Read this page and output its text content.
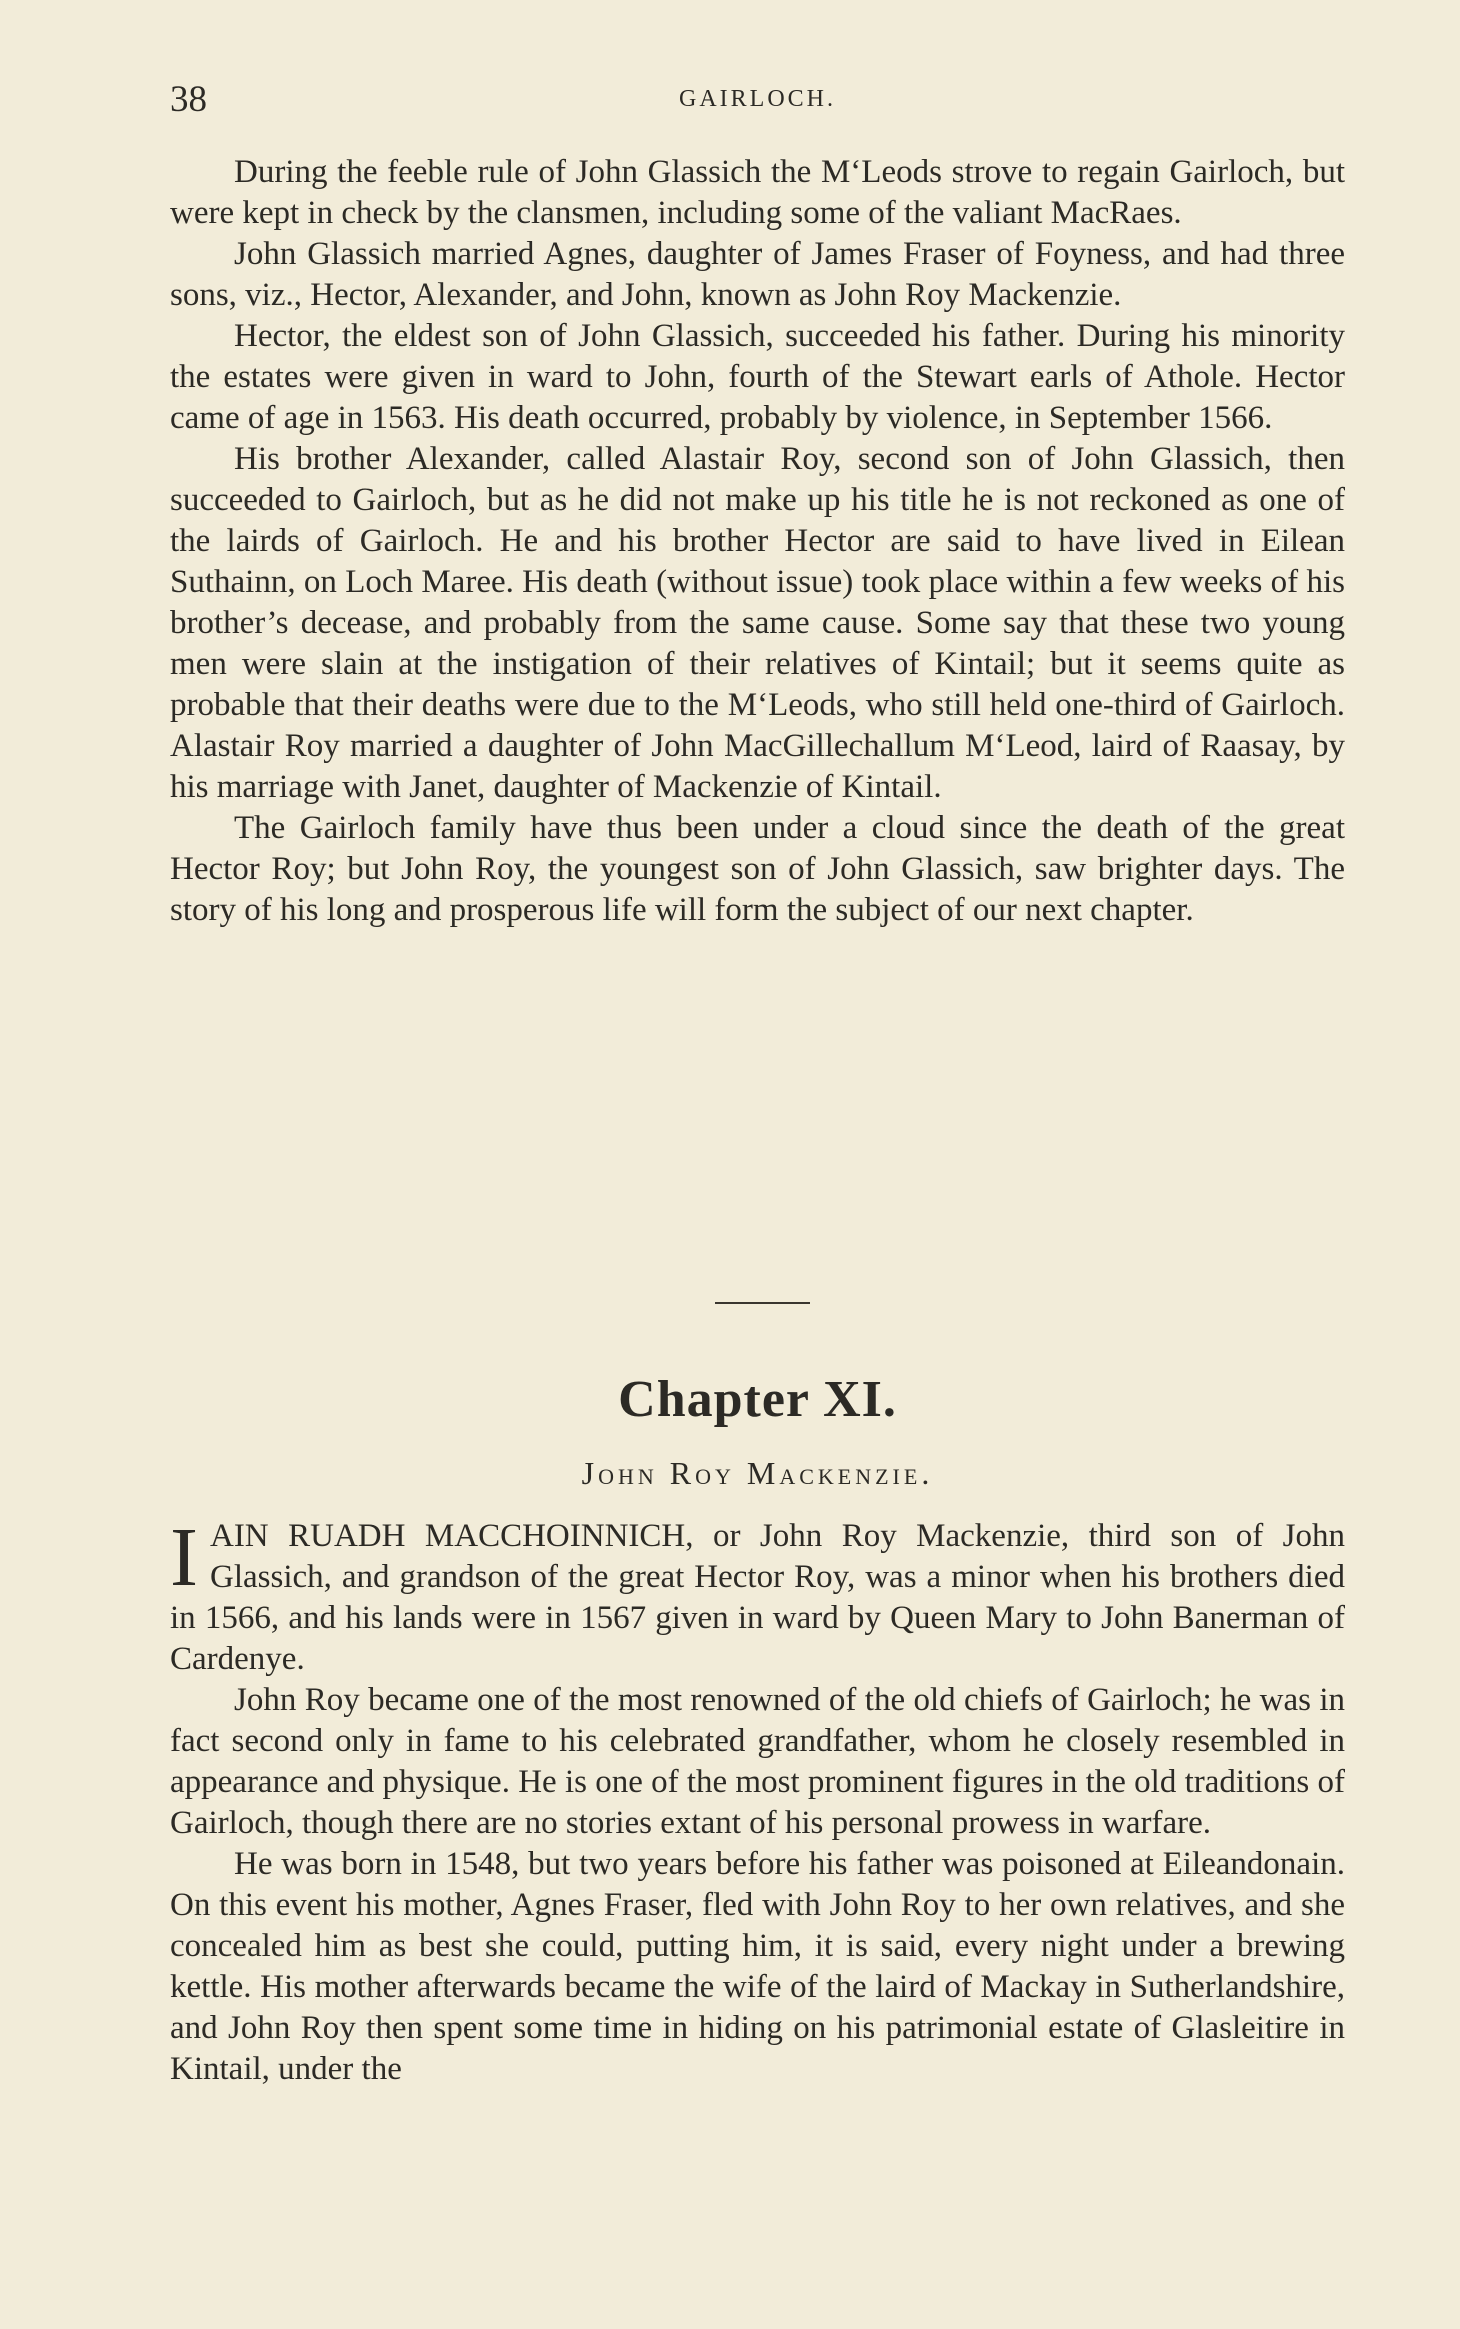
38	GAIRLOCH.

During the feeble rule of John Glassich the M‘Leods strove to regain Gairloch, but were kept in check by the clansmen, including some of the valiant MacRaes.

John Glassich married Agnes, daughter of James Fraser of Foyness, and had three sons, viz., Hector, Alexander, and John, known as John Roy Mackenzie.

Hector, the eldest son of John Glassich, succeeded his father. During his minority the estates were given in ward to John, fourth of the Stewart earls of Athole. Hector came of age in 1563. His death occurred, probably by violence, in September 1566.

His brother Alexander, called Alastair Roy, second son of John Glassich, then succeeded to Gairloch, but as he did not make up his title he is not reckoned as one of the lairds of Gairloch. He and his brother Hector are said to have lived in Eilean Suthainn, on Loch Maree. His death (without issue) took place within a few weeks of his brother’s decease, and probably from the same cause. Some say that these two young men were slain at the instigation of their relatives of Kintail; but it seems quite as probable that their deaths were due to the M‘Leods, who still held one-third of Gairloch. Alastair Roy married a daughter of John MacGillechallum M‘Leod, laird of Raasay, by his marriage with Janet, daughter of Mackenzie of Kintail.

The Gairloch family have thus been under a cloud since the death of the great Hector Roy; but John Roy, the youngest son of John Glassich, saw brighter days. The story of his long and prosperous life will form the subject of our next chapter.

Chapter XI.
John Roy Mackenzie.

IAIN RUADH MACCHOINNICH, or John Roy Mackenzie, third son of John Glassich, and grandson of the great Hector Roy, was a minor when his brothers died in 1566, and his lands were in 1567 given in ward by Queen Mary to John Banerman of Cardenye.

John Roy became one of the most renowned of the old chiefs of Gairloch; he was in fact second only in fame to his celebrated grandfather, whom he closely resembled in appearance and physique. He is one of the most prominent figures in the old traditions of Gairloch, though there are no stories extant of his personal prowess in warfare.

He was born in 1548, but two years before his father was poisoned at Eileandonain. On this event his mother, Agnes Fraser, fled with John Roy to her own relatives, and she concealed him as best she could, putting him, it is said, every night under a brewing kettle. His mother afterwards became the wife of the laird of Mackay in Sutherlandshire, and John Roy then spent some time in hiding on his patrimonial estate of Glasleitire in Kintail, under the
